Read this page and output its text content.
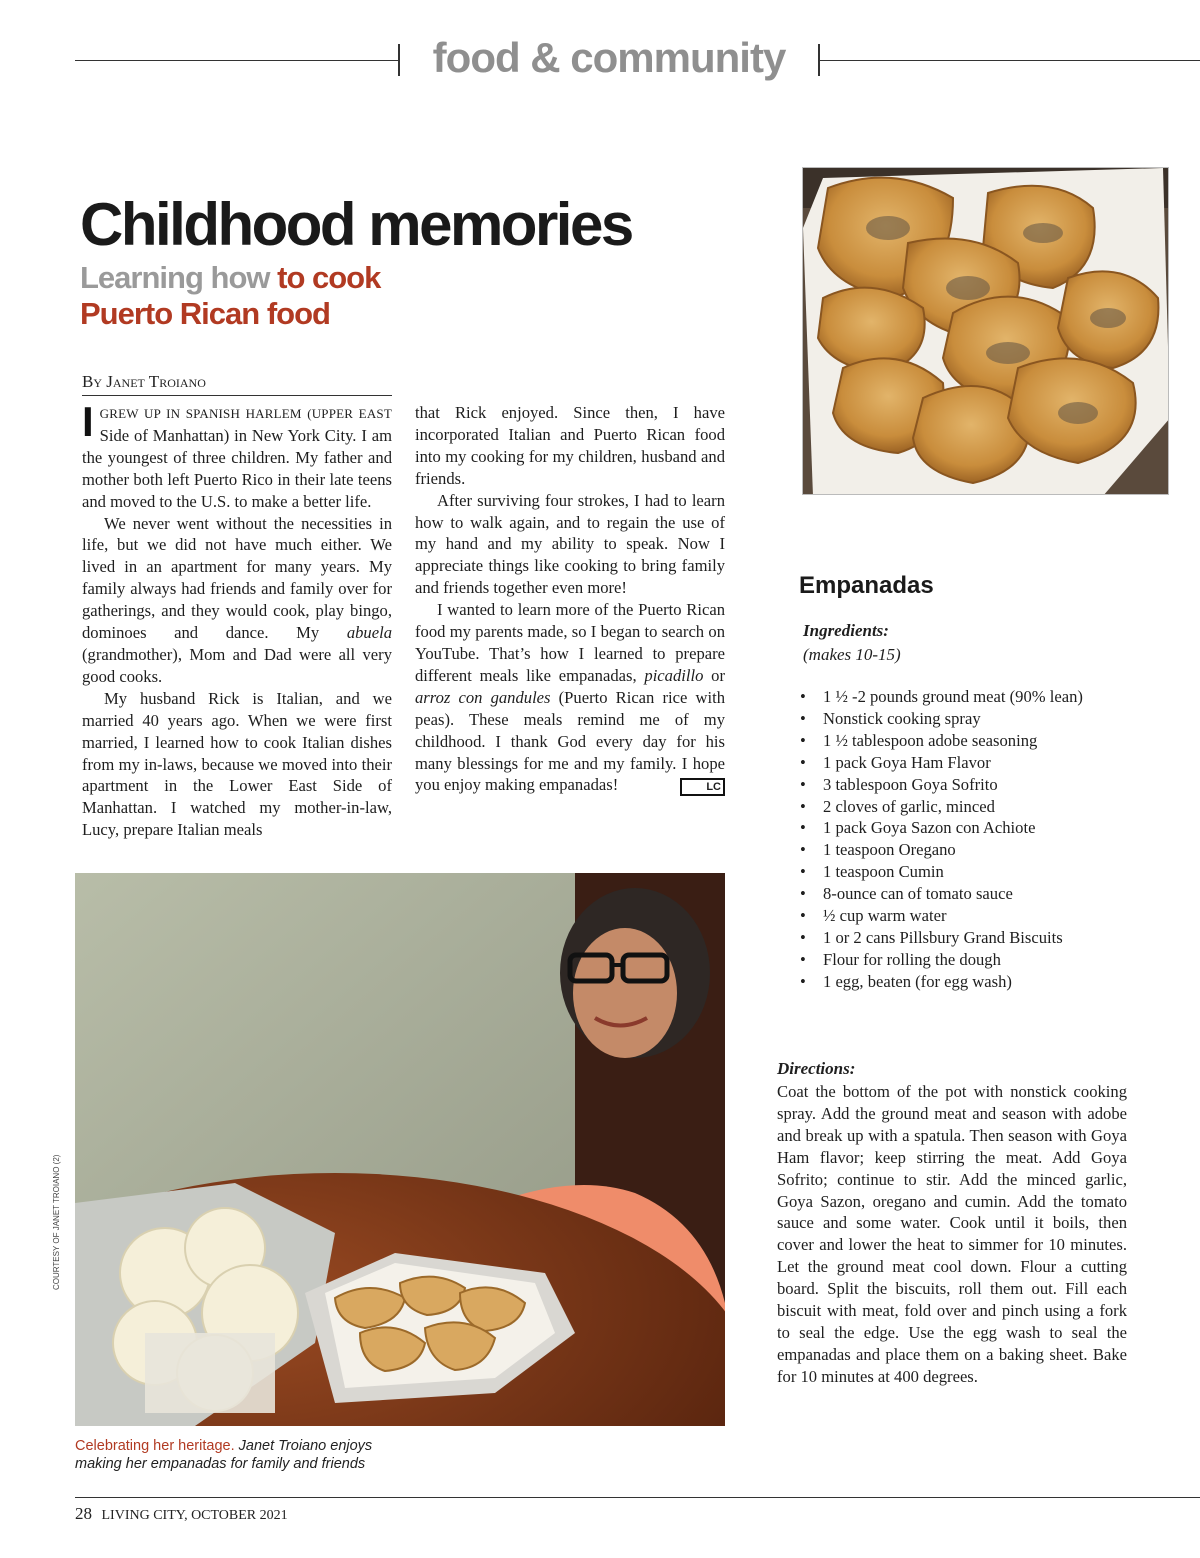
food & community
Childhood memories
Learning how to cook
Puerto Rican food
By Janet Troiano

IGREW UP IN SPANISH HARLEM (UPPER EAST Side of Manhattan) in New York City. I am the youngest of three children. My father and mother both left Puerto Rico in their late teens and moved to the U.S. to make a better life.

We never went without the necessities in life, but we did not have much either. We lived in an apartment for many years. My family always had friends and family over for gatherings, and they would cook, play bingo, dominoes and dance. My abuela (grandmother), Mom and Dad were all very good cooks.

My husband Rick is Italian, and we married 40 years ago. When we were first married, I learned how to cook Italian dishes from my in-laws, because we moved into their apartment in the Lower East Side of Manhattan. I watched my mother-in-law, Lucy, prepare Italian meals

that Rick enjoyed. Since then, I have incorporated Italian and Puerto Rican food into my cooking for my children, husband and friends.

After surviving four strokes, I had to learn how to walk again, and to regain the use of my hand and my ability to speak. Now I appreciate things like cooking to bring family and friends together even more!

I wanted to learn more of the Puerto Rican food my parents made, so I began to search on YouTube. That’s how I learned to prepare different meals like empanadas, picadillo or arroz con gandules (Puerto Rican rice with peas). These meals remind me of my childhood. I thank God every day for his many blessings for me and my family. I hope you enjoy making empanadas!	LC

Empanadas
Ingredients:
(makes 10-15)
• 1 ½ -2 pounds ground meat (90% lean)
• Nonstick cooking spray
• 1 ½ tablespoon adobe seasoning
• 1 pack Goya Ham Flavor
• 3 tablespoon Goya Sofrito
• 2 cloves of garlic, minced
• 1 pack Goya Sazon con Achiote
• 1 teaspoon Oregano
• 1 teaspoon Cumin
• 8-ounce can of tomato sauce
• ½ cup warm water
• 1 or 2 cans Pillsbury Grand Biscuits
• Flour for rolling the dough
• 1 egg, beaten (for egg wash)
Directions:

Coat the bottom of the pot with nonstick cooking spray. Add the ground meat and season with adobe and break up with a spatula. Then season with Goya Ham flavor; keep stirring the meat. Add Goya Sofrito; continue to stir. Add the minced garlic, Goya Sazon, oregano and cumin. Add the tomato sauce and some water. Cook until it boils, then cover and lower the heat to simmer for 10 minutes. Let the ground meat cool down. Flour a cutting board. Split the biscuits, roll them out. Fill each biscuit with meat, fold over and pinch using a fork to seal the edge. Use the egg wash to seal the empanadas and place them on a baking sheet. Bake for 10 minutes at 400 degrees.

COURTESY OF JANET TROIANO (2)
Celebrating her heritage. Janet Troiano enjoys making her empanadas for family and friends
28 LIVING CITY, OCTOBER 2021
